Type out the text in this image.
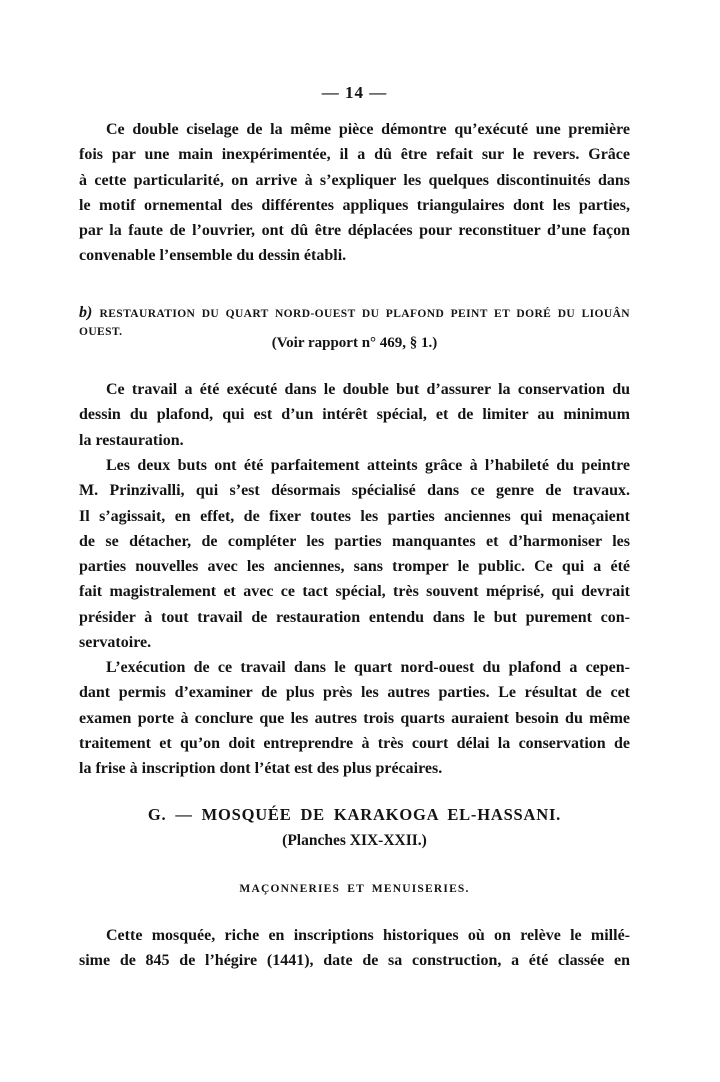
— 14 —
Ce double ciselage de la même pièce démontre qu’exécuté une première
fois par une main inexpérimentée, il a dû être refait sur le revers. Grâce
à cette particularité, on arrive à s’expliquer les quelques discontinuités dans
le motif ornemental des différentes appliques triangulaires dont les parties,
par la faute de l’ouvrier, ont dû être déplacées pour reconstituer d’une façon
convenable l’ensemble du dessin établi.
b) RESTAURATION DU QUART NORD-OUEST DU PLAFOND PEINT ET DORÉ DU LIOUÂN OUEST.
(Voir rapport n° 469, § 1.)
Ce travail a été exécuté dans le double but d’assurer la conservation du
dessin du plafond, qui est d’un intérêt spécial, et de limiter au minimum
la restauration.
Les deux buts ont été parfaitement atteints grâce à l’habileté du peintre
M. Prinzivalli, qui s’est désormais spécialisé dans ce genre de travaux.
Il s’agissait, en effet, de fixer toutes les parties anciennes qui menaçaient
de se détacher, de compléter les parties manquantes et d’harmoniser les
parties nouvelles avec les anciennes, sans tromper le public. Ce qui a été
fait magistralement et avec ce tact spécial, très souvent méprisé, qui devrait
présider à tout travail de restauration entendu dans le but purement con-
servatoire.
L’exécution de ce travail dans le quart nord-ouest du plafond a cepen-
dant permis d’examiner de plus près les autres parties. Le résultat de cet
examen porte à conclure que les autres trois quarts auraient besoin du même
traitement et qu’on doit entreprendre à très court délai la conservation de
la frise à inscription dont l’état est des plus précaires.
G. — MOSQUÉE DE KARAKOGA EL-HASSANI.
(Planches XIX-XXII.)
MAÇONNERIES ET MENUISERIES.
Cette mosquée, riche en inscriptions historiques où on relève le millé-
sime de 845 de l’hégire (1441), date de sa construction, a été classée en
